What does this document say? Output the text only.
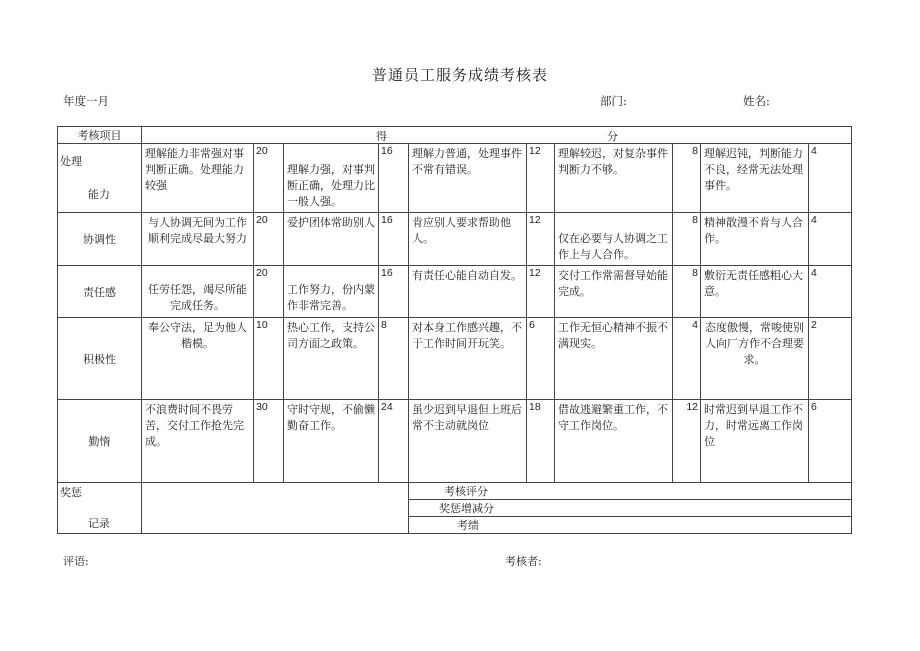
普通员工服务成绩考核表
年度一月	部门:	姓名:
考核项目	得 分									

处理
能力	理解能力非常强对事判断正确。处理能力较强	20	理解力强，对事判断正确，处理力比一般人强。	16	理解力普通，处理事件不常有错误。	12	理解较迟，对复杂事件判断力不够。	8	理解迟钝，判断能力不良，经常无法处理事件。	4
协调性	与人协调无间为工作顺利完成尽最大努力	20	爱护团体常助别人	16	肯应别人要求帮助他人。	12	仅在必要与人协调之工作上与人合作。	8	精神散漫不肯与人合作。	4
责任感	任劳任怨，竭尽所能完成任务。	20	工作努力，份内蒙作非常完善。	16	有责任心能自动自发。	12	交付工作常需督导始能完成。	8	敷衍无责任感粗心大意。	4
积极性	奉公守法，足为他人楷模。	10	热心工作，支持公司方面之政策。	8	对本身工作感兴趣，不于工作时间开玩笑。	6	工作无恒心精神不振不满现实。	4	态度傲慢，常唆使别人向厂方作不合理要求。	2
勤惰	不浪费时间不畏劳苦，交付工作抢先完成。	30	守时守规，不偷懒勤奋工作。	24	虽少迟到早退但上班后常不主动就岗位	18	借故逃避繁重工作，不守工作岗位。	12	时常迟到早退工作不力，时常远离工作岗位	6

奖惩
记录					考核评分					
					奖惩增减分					
					考绩					
评语:	考核者:
